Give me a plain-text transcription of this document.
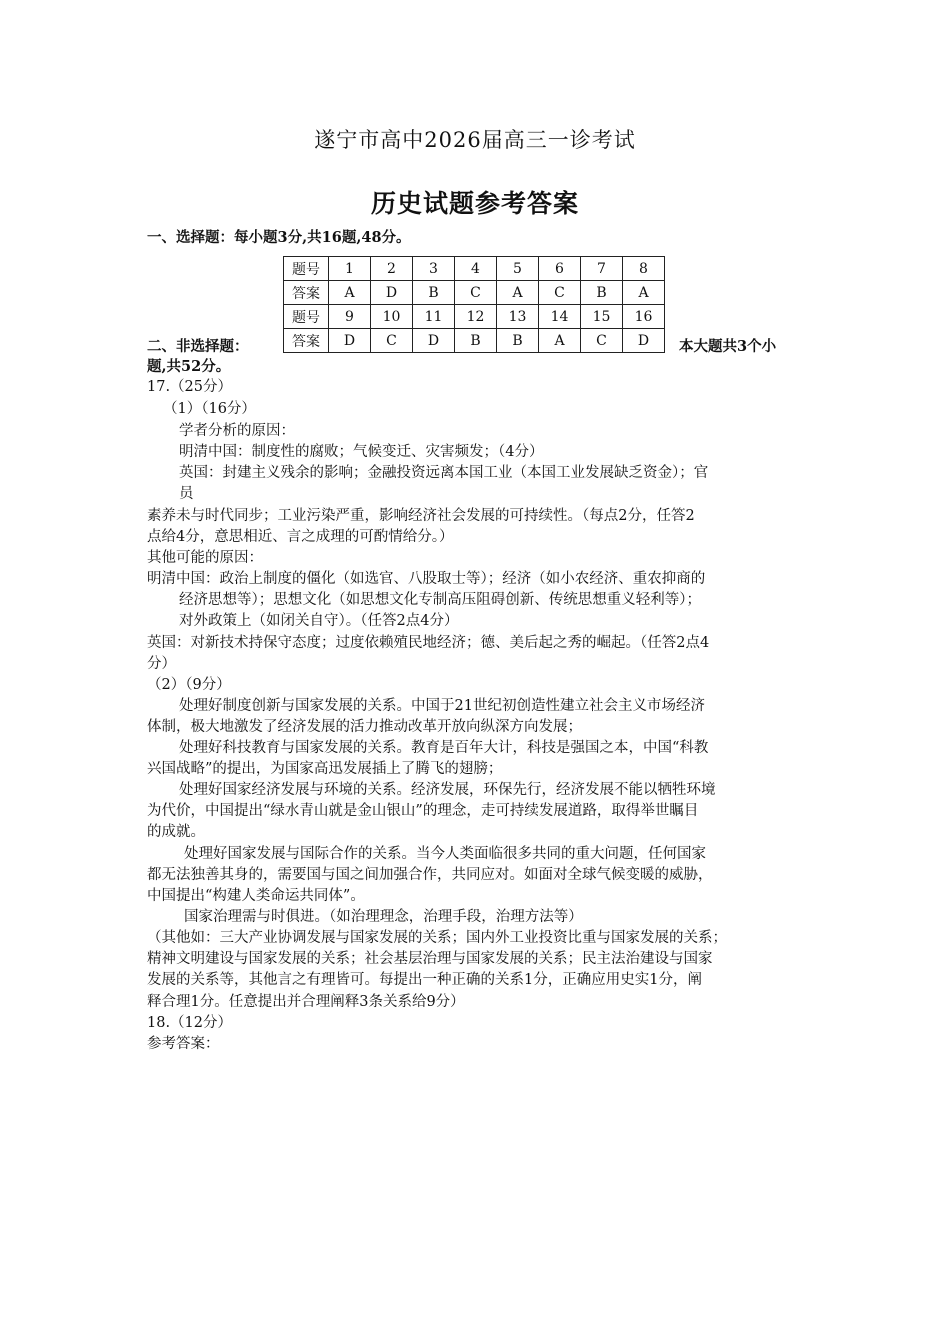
遂宁市高中2026届高三一诊考试
历史试题参考答案
一、选择题：每小题3分,共16题,48分。
题号	1	2	3	4	5	6	7	8
答案	A	D	B	C	A	C	B	A
题号	9	10	11	12	13	14	15	16
答案	D	C	D	B	B	A	C	D
二、非选择题：	本大题共3个小
题,共52分。
17.（25分）
（1）（16分）
学者分析的原因：
明清中国：制度性的腐败；气候变迁、灾害频发；（4分）
英国：封建主义残余的影响；金融投资远离本国工业（本国工业发展缺乏资金）；官
员
素养未与时代同步；工业污染严重，影响经济社会发展的可持续性。（每点2分，任答2
点给4分，意思相近、言之成理的可酌情给分。）
其他可能的原因：
明清中国：政治上制度的僵化（如选官、八股取士等）；经济（如小农经济、重农抑商的
经济思想等）；思想文化（如思想文化专制高压阻碍创新、传统思想重义轻利等）；
对外政策上（如闭关自守）。（任答2点4分）
英国：对新技术持保守态度；过度依赖殖民地经济；德、美后起之秀的崛起。（任答2点4
分）
（2）（9分）
处理好制度创新与国家发展的关系。中国于21世纪初创造性建立社会主义市场经济
体制，极大地激发了经济发展的活力推动改革开放向纵深方向发展；
处理好科技教育与国家发展的关系。教育是百年大计，科技是强国之本，中国“科教
兴国战略”的提出，为国家高迅发展插上了腾飞的翅膀；
处理好国家经济发展与环境的关系。经济发展，环保先行，经济发展不能以牺牲环境
为代价，中国提出“绿水青山就是金山银山”的理念，走可持续发展道路，取得举世瞩目
的成就。
处理好国家发展与国际合作的关系。当今人类面临很多共同的重大问题，任何国家
都无法独善其身的，需要国与国之间加强合作，共同应对。如面对全球气候变暖的威胁，
中国提出“构建人类命运共同体”。
国家治理需与时俱进。（如治理理念，治理手段，治理方法等）
（其他如：三大产业协调发展与国家发展的关系；国内外工业投资比重与国家发展的关系；
精神文明建设与国家发展的关系；社会基层治理与国家发展的关系；民主法治建设与国家
发展的关系等，其他言之有理皆可。每提出一种正确的关系1分，正确应用史实1分，阐
释合理1分。任意提出并合理阐释3条关系给9分）
18.（12分）
参考答案：
